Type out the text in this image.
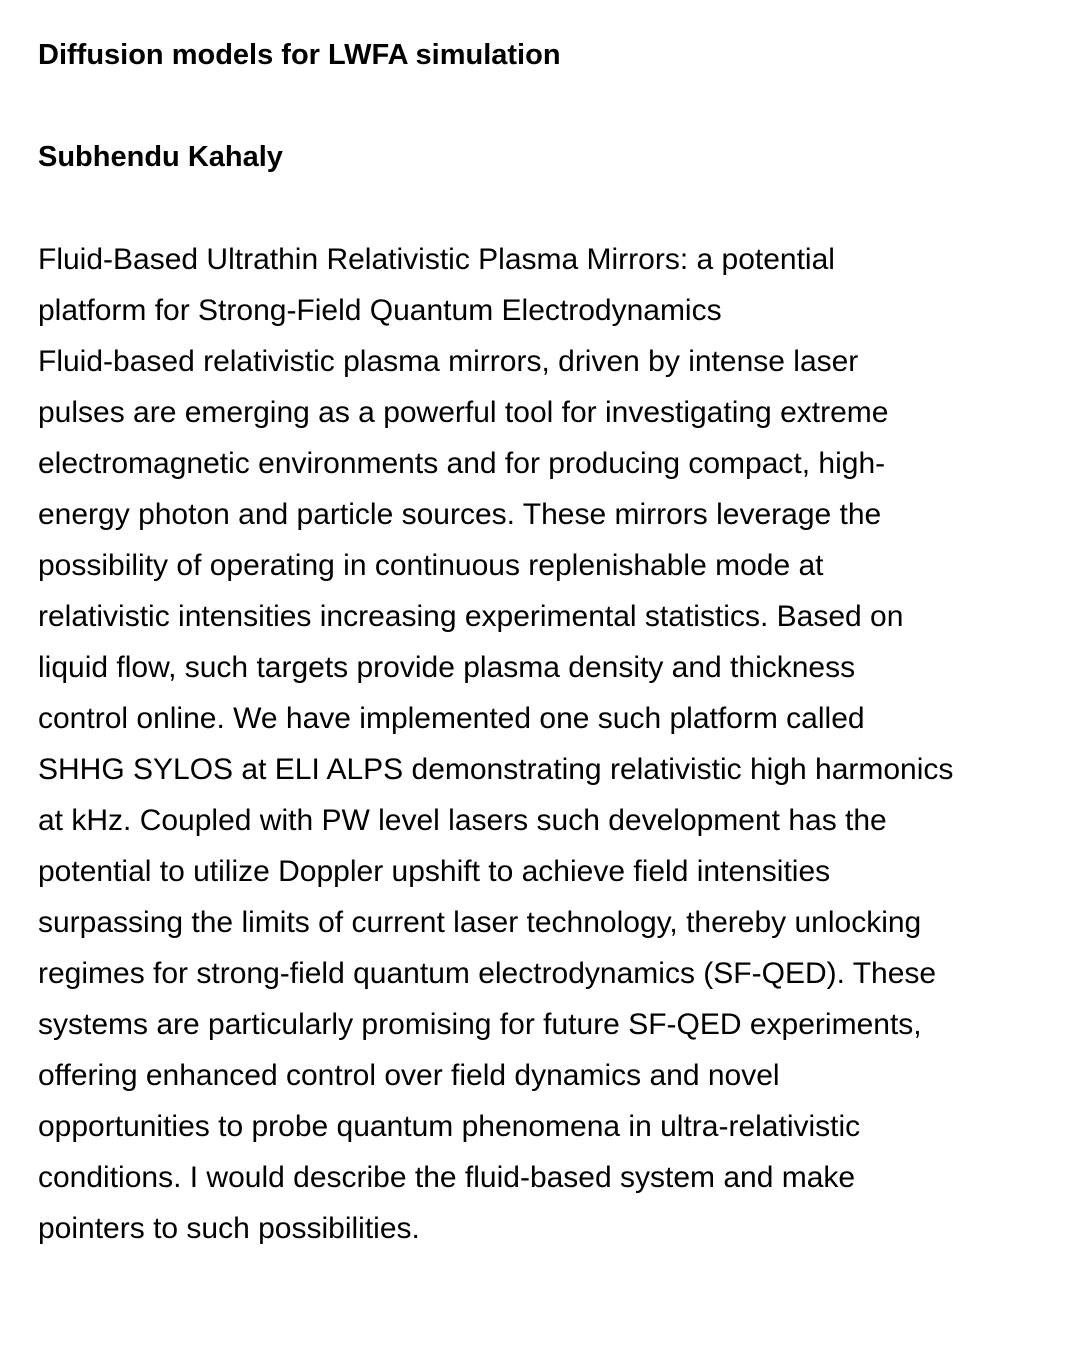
Diffusion models for LWFA simulation

Subhendu Kahaly

Fluid-Based Ultrathin Relativistic Plasma Mirrors: a potential
platform for Strong-Field Quantum Electrodynamics
Fluid-based relativistic plasma mirrors, driven by intense laser
pulses are emerging as a powerful tool for investigating extreme
electromagnetic environments and for producing compact, high-
energy photon and particle sources. These mirrors leverage the
possibility of operating in continuous replenishable mode at
relativistic intensities increasing experimental statistics. Based on
liquid flow, such targets provide plasma density and thickness
control online. We have implemented one such platform called
SHHG SYLOS at ELI ALPS demonstrating relativistic high harmonics
at kHz. Coupled with PW level lasers such development has the
potential to utilize Doppler upshift to achieve field intensities
surpassing the limits of current laser technology, thereby unlocking
regimes for strong-field quantum electrodynamics (SF-QED). These
systems are particularly promising for future SF-QED experiments,
offering enhanced control over field dynamics and novel
opportunities to probe quantum phenomena in ultra-relativistic
conditions. I would describe the fluid-based system and make
pointers to such possibilities.
